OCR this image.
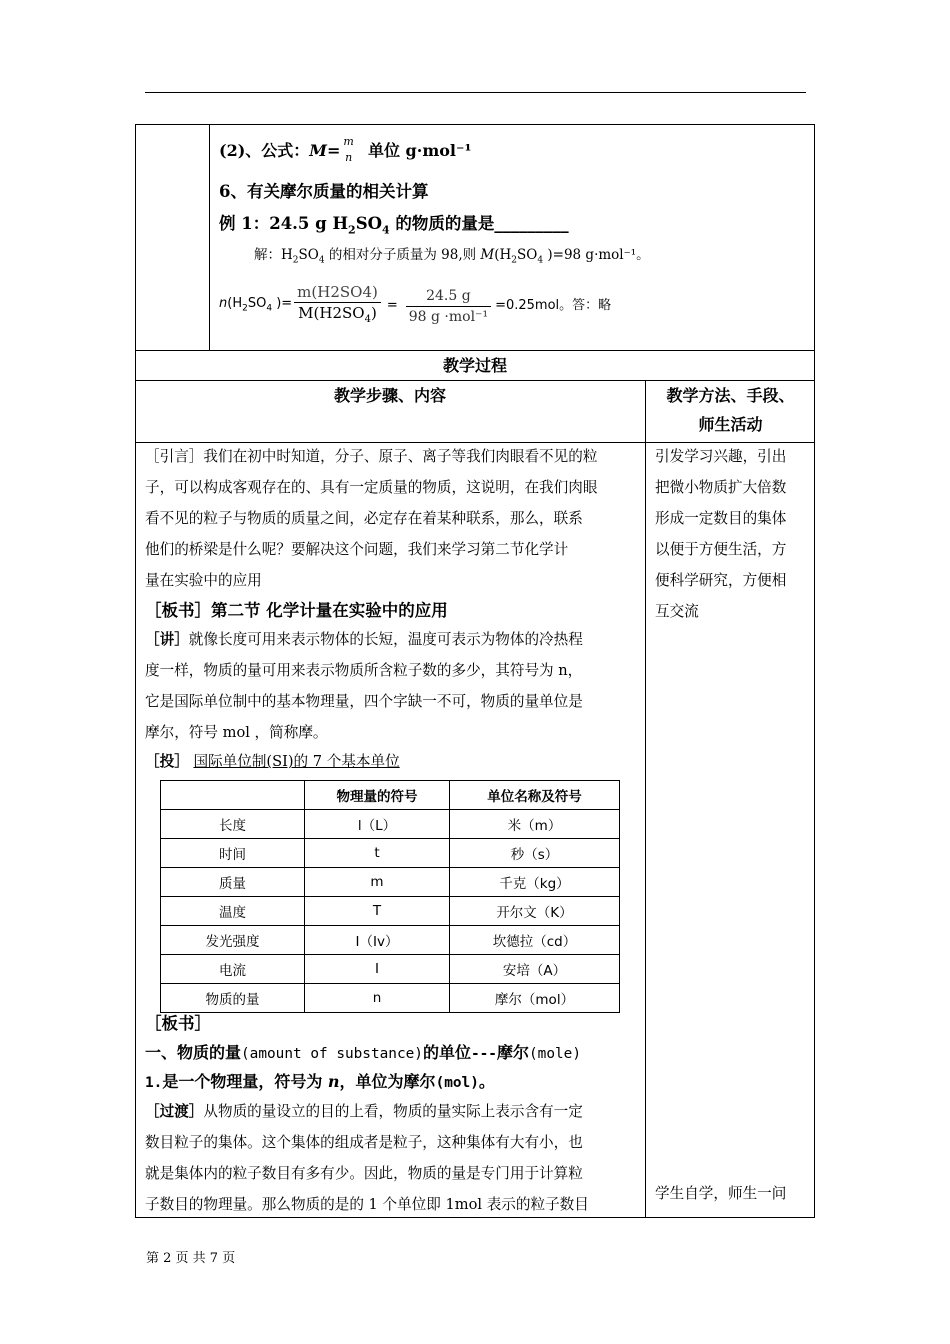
(2)、公式：M= m
n 单位 g·mol⁻¹
6、有关摩尔质量的相关计算
例 1：24.5 g $H_2SO_4$ 的物质的量是_________
解：$H_2SO_4$ 的相对分子质量为 98,则 $M(H_2SO_4$ )=98 g·mol⁻¹。
$n(H_2SO_4$ )= $\frac{m(H2SO4)}{M(H2SO_4)} = \frac{24.5 g}{\text{98 g ·mol⁻¹}} =0.25mol$。答：略
教学过程
教学步骤、内容	教学方法、手段、
师生活动
［引言］我们在初中时知道，分子、原子、离子等我们肉眼看不见的粒
子，可以构成客观存在的、具有一定质量的物质，这说明，在我们肉眼
看不见的粒子与物质的质量之间，必定存在着某种联系，那么，联系
他们的桥梁是什么呢？要解决这个问题，我们来学习第二节化学计
量在实验中的应用
［板书］第二节 化学计量在实验中的应用
［讲］就像长度可用来表示物体的长短，温度可表示为物体的冷热程
度一样，物质的量可用来表示物质所含粒子数的多少，其符号为 n，
它是国际单位制中的基本物理量，四个字缺一不可，物质的量单位是
摩尔，符号 mol ，简称摩。
［投］ 国际单位制(SI)的 7 个基本单位
	物理量的符号	单位名称及符号
长度	l（L）	米（m）
时间	t	秒（s）
质量	m	千克（kg）
温度	T	开尔文（K）
发光强度	I（Iv）	坎德拉（cd）
电流	I	安培（A）
物质的量	n	摩尔（mol）
［板书］
一、物质的量(amount of substance)的单位---摩尔(mole)
1.是一个物理量，符号为 n，单位为摩尔(mol)。
［过渡］从物质的量设立的目的上看，物质的量实际上表示含有一定
数目粒子的集体。这个集体的组成者是粒子，这种集体有大有小，也
就是集体内的粒子数目有多有少。因此，物质的量是专门用于计算粒
子数目的物理量。那么物质的是的 1 个单位即 1mol 表示的粒子数目
引发学习兴趣，引出
把微小物质扩大倍数
形成一定数目的集体
以便于方便生活，方
便科学研究，方便相
互交流
学生自学，师生一问
第 2 页 共 7 页
